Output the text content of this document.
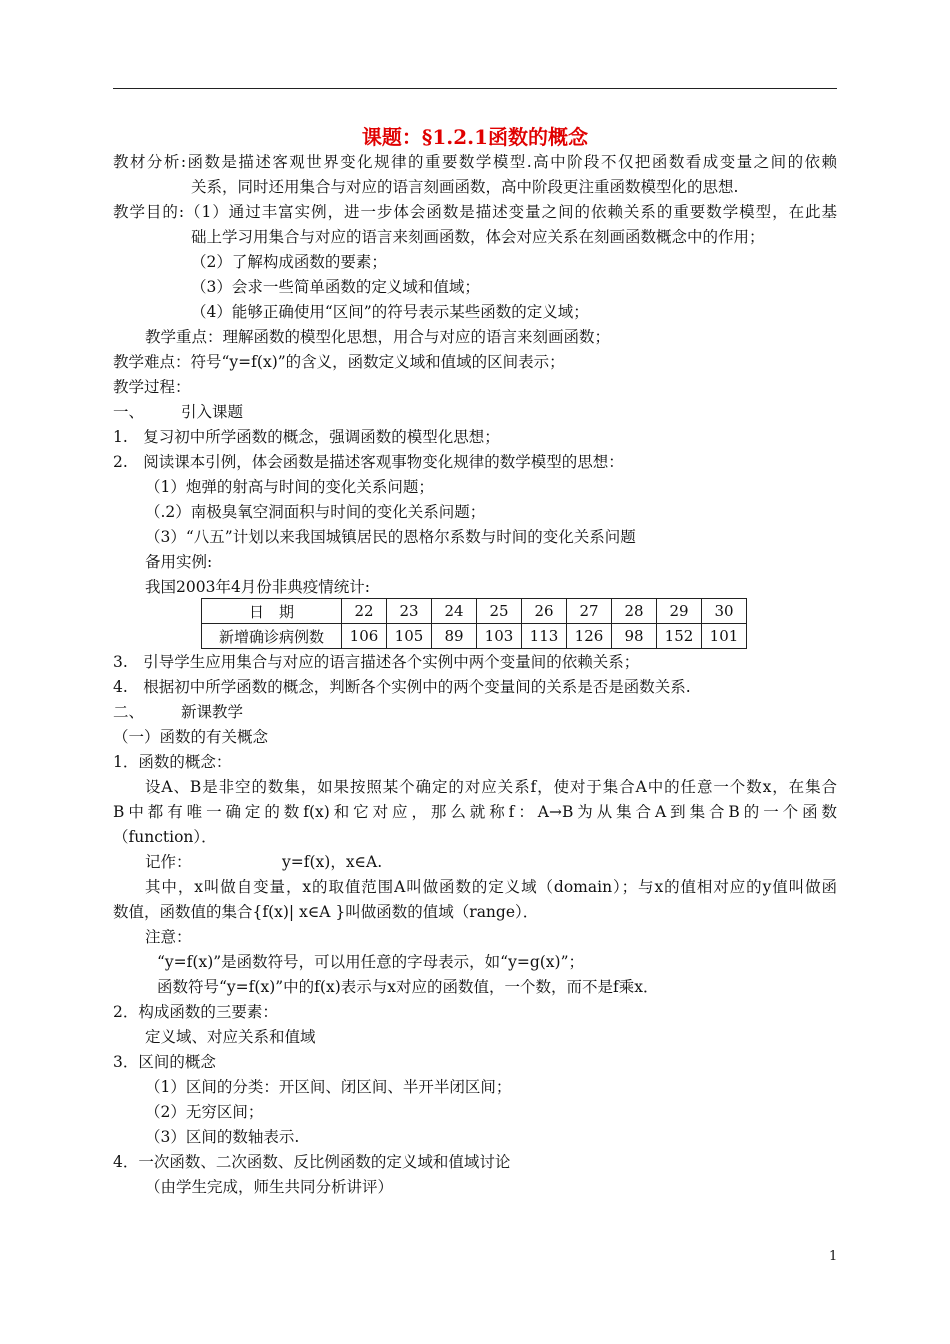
课题：§1.2.1函数的概念
教材分析:函数是描述客观世界变化规律的重要数学模型.高中阶段不仅把函数看成变量之间的依赖
关系，同时还用集合与对应的语言刻画函数，高中阶段更注重函数模型化的思想.
教学目的:（1）通过丰富实例，进一步体会函数是描述变量之间的依赖关系的重要数学模型，在此基
础上学习用集合与对应的语言来刻画函数，体会对应关系在刻画函数概念中的作用；
（2）了解构成函数的要素；
（3）会求一些简单函数的定义域和值域；
（4）能够正确使用“区间”的符号表示某些函数的定义域；
教学重点：理解函数的模型化思想，用合与对应的语言来刻画函数；
教学难点：符号“y=f(x)”的含义，函数定义域和值域的区间表示；
教学过程：
一、 引入课题
1.　复习初中所学函数的概念，强调函数的模型化思想；
2.　阅读课本引例，体会函数是描述客观事物变化规律的数学模型的思想：
（1）炮弹的射高与时间的变化关系问题；
（.2）南极臭氧空洞面积与时间的变化关系问题；
（3）“八五”计划以来我国城镇居民的恩格尔系数与时间的变化关系问题
备用实例:
我国2003年4月份非典疫情统计:
日　期	22	23	24	25	26	27	28	29	30
新增确诊病例数	106	105	89	103	113	126	98	152	101
3.　引导学生应用集合与对应的语言描述各个实例中两个变量间的依赖关系；
4.　根据初中所学函数的概念，判断各个实例中的两个变量间的关系是否是函数关系.
二、 新课教学
（一）函数的有关概念
1．函数的概念：
设A、B是非空的数集，如果按照某个确定的对应关系f，使对于集合A中的任意一个数x，在集合
B中都有唯一确定的数f(x)和它对应，那么就称f：A→B为从集合A到集合B的一个函数
（function）．
记作：	y=f(x)，x∈A.
其中，x叫做自变量，x的取值范围A叫做函数的定义域（domain）；与x的值相对应的y值叫做函
数值，函数值的集合{f(x)| x∈A }叫做函数的值域（range）．
注意：
“y=f(x)”是函数符号，可以用任意的字母表示，如“y=g(x)”；
函数符号“y=f(x)”中的f(x)表示与x对应的函数值，一个数，而不是f乘x．
2．构成函数的三要素：
定义域、对应关系和值域
3．区间的概念
（1）区间的分类：开区间、闭区间、半开半闭区间；
（2）无穷区间；
（3）区间的数轴表示.
4．一次函数、二次函数、反比例函数的定义域和值域讨论
（由学生完成，师生共同分析讲评）
1
